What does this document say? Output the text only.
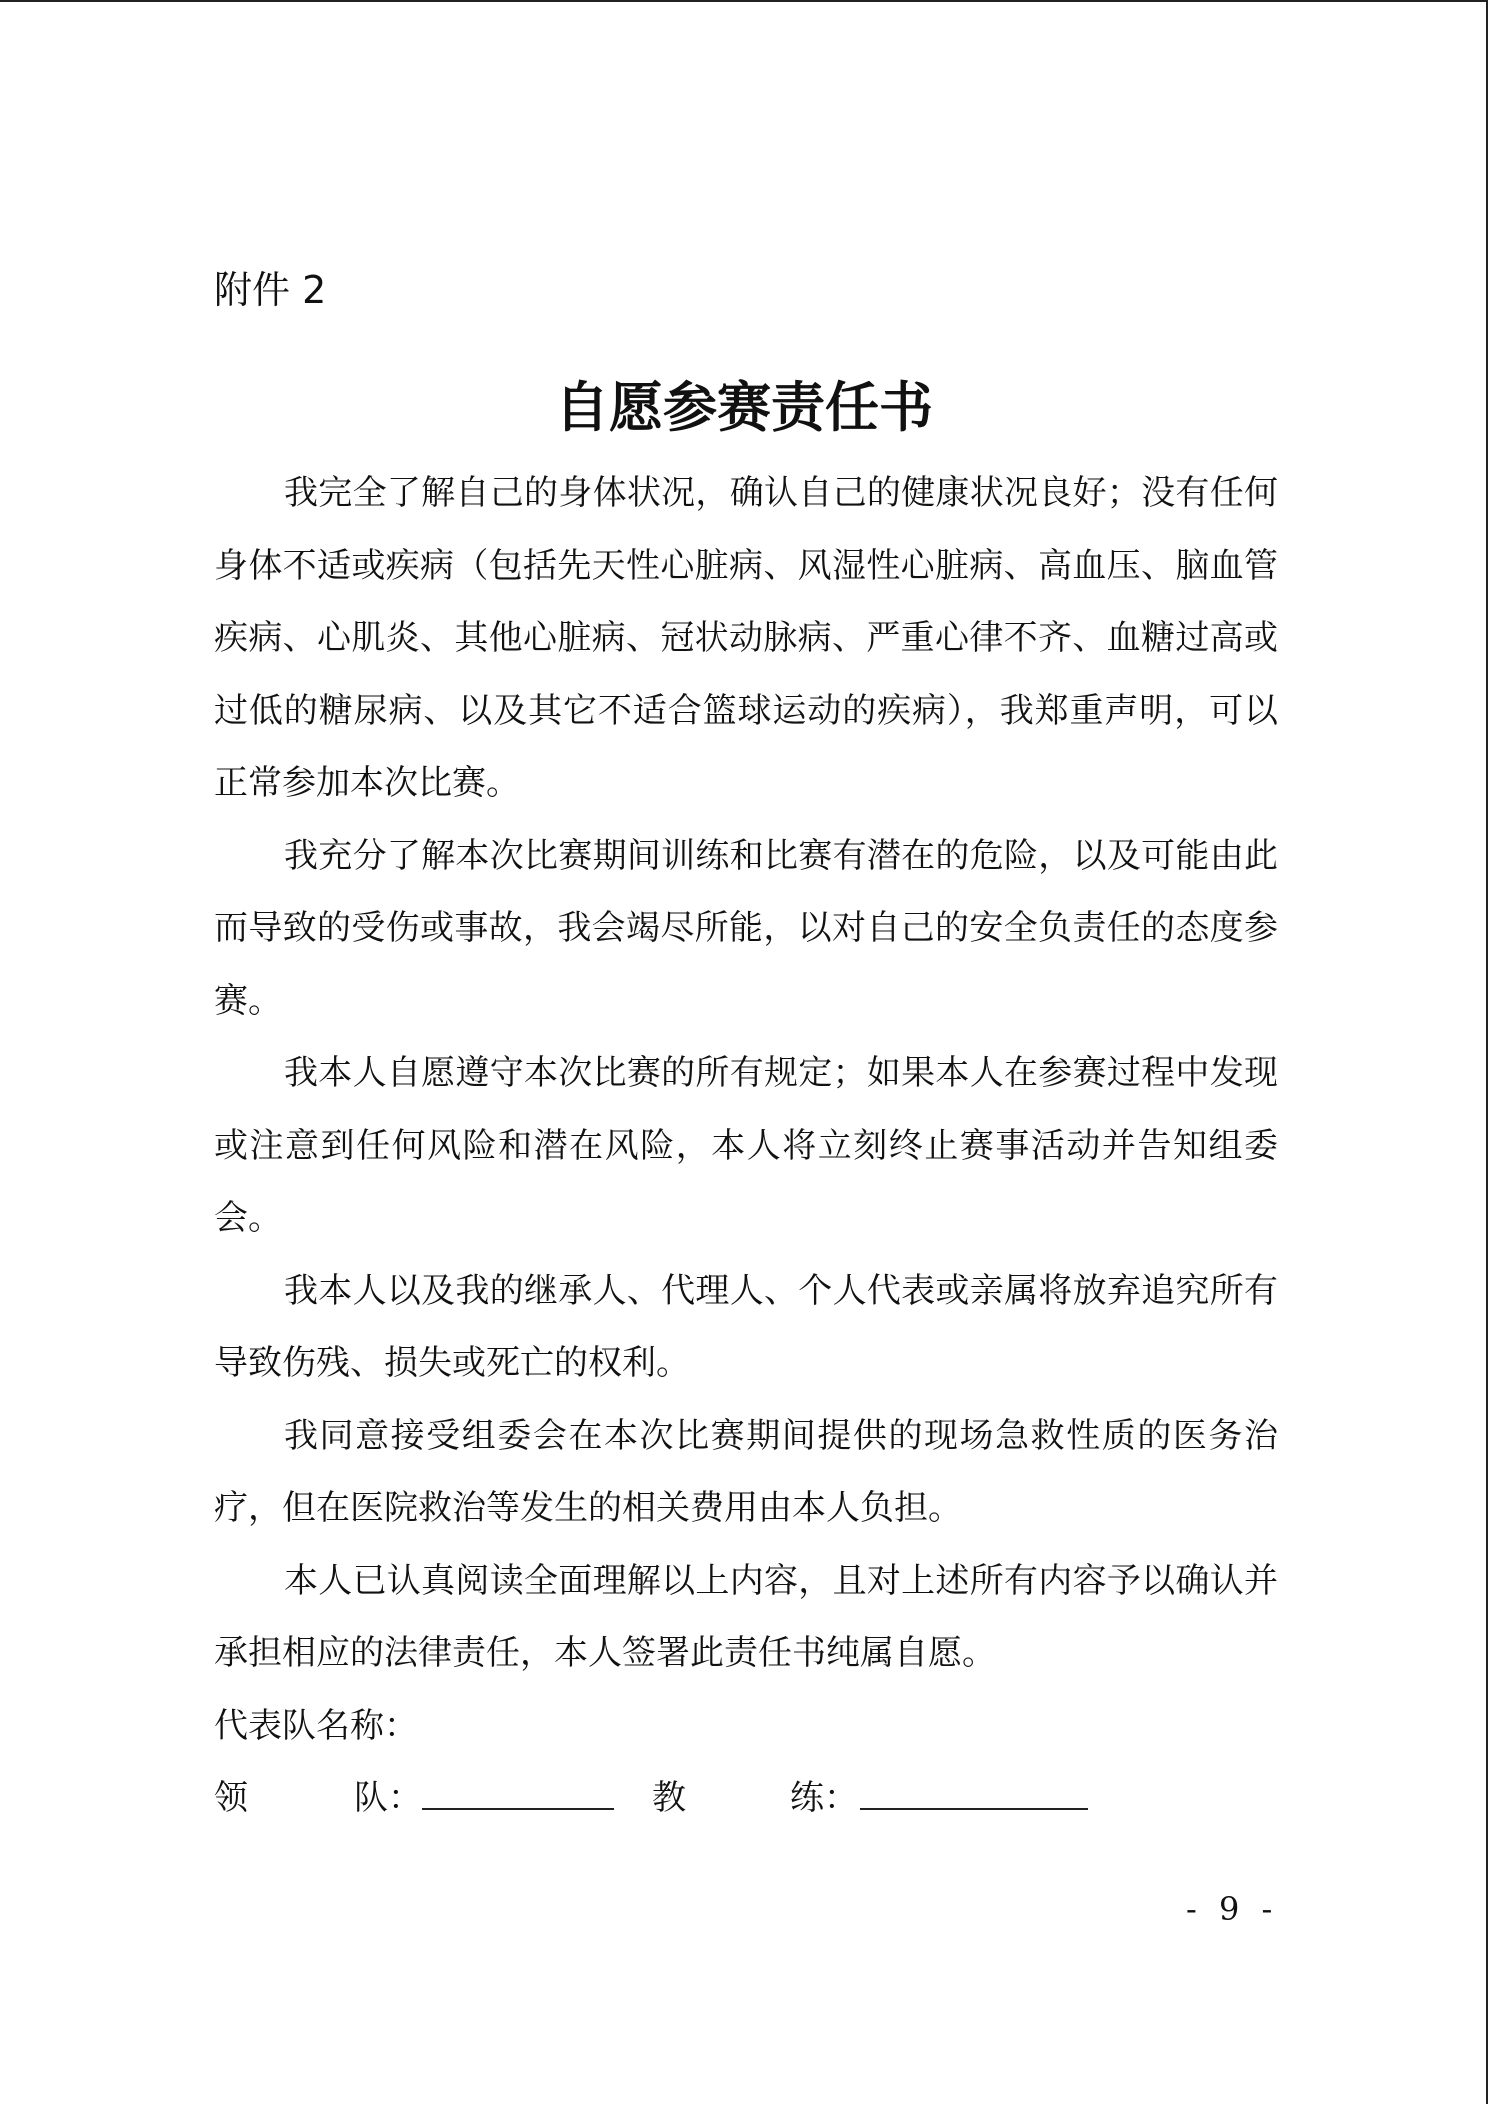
附件 2

自愿参赛责任书

我完全了解自己的身体状况，确认自己的健康状况良好；没有任何身体不适或疾病（包括先天性心脏病、风湿性心脏病、高血压、脑血管疾病、心肌炎、其他心脏病、冠状动脉病、严重心律不齐、血糖过高或过低的糖尿病、以及其它不适合篮球运动的疾病），我郑重声明，可以正常参加本次比赛。

我充分了解本次比赛期间训练和比赛有潜在的危险，以及可能由此而导致的受伤或事故，我会竭尽所能，以对自己的安全负责任的态度参赛。

我本人自愿遵守本次比赛的所有规定；如果本人在参赛过程中发现或注意到任何风险和潜在风险，本人将立刻终止赛事活动并告知组委会。

我本人以及我的继承人、代理人、个人代表或亲属将放弃追究所有导致伤残、损失或死亡的权利。

我同意接受组委会在本次比赛期间提供的现场急救性质的医务治疗，但在医院救治等发生的相关费用由本人负担。

本人已认真阅读全面理解以上内容，且对上述所有内容予以确认并承担相应的法律责任，本人签署此责任书纯属自愿。

代表队名称：

领	队：	教	练：

- 9 -
